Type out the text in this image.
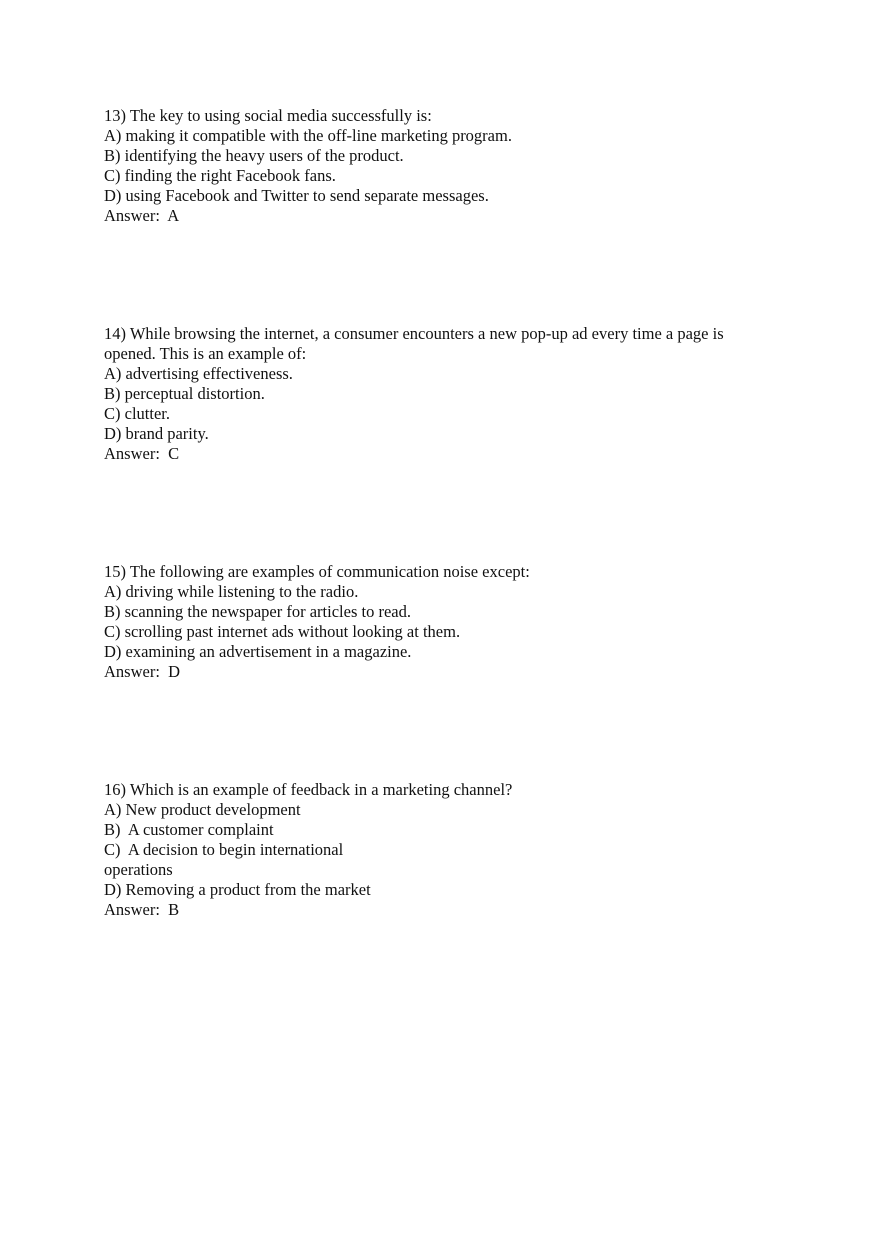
13) The key to using social media successfully is:

A) making it compatible with the off-line marketing program.

B) identifying the heavy users of the product.

C) finding the right Facebook fans.

D) using Facebook and Twitter to send separate messages.

Answer:  A

14) While browsing the internet, a consumer encounters a new pop-up ad every time a page is

opened. This is an example of:

A) advertising effectiveness.

B) perceptual distortion.

C) clutter.

D) brand parity.

Answer:  C

15) The following are examples of communication noise except:

A) driving while listening to the radio.

B) scanning the newspaper for articles to read.

C) scrolling past internet ads without looking at them.

D) examining an advertisement in a magazine.

Answer:  D

16) Which is an example of feedback in a marketing channel?

A) New product development

B)  A customer complaint

C)  A decision to begin international

operations

D) Removing a product from the market

Answer:  B
